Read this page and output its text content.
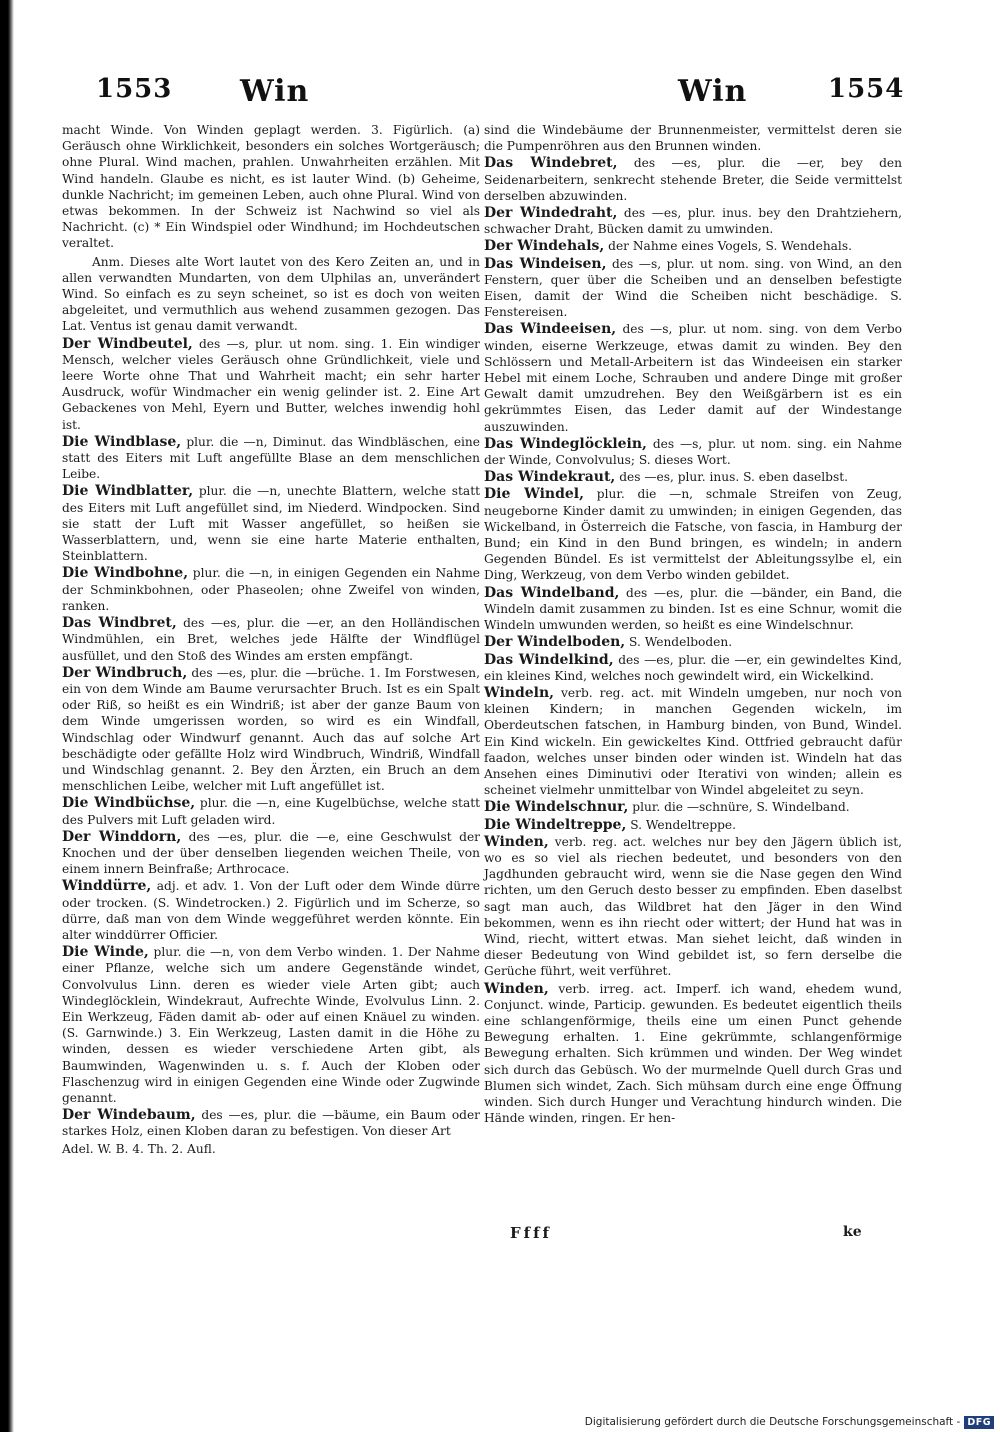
1553 Win	Win	1554
macht Winde. Von Winden geplagt werden. 3. Figürlich. (a) Geräusch ohne Wirklichkeit, besonders ein solches Wortgeräusch; ohne Plural. Wind machen, prahlen. Unwahrheiten erzählen. Mit Wind handeln. Glaube es nicht, es ist lauter Wind. (b) Geheime, dunkle Nachricht; im gemeinen Leben, auch ohne Plural. Wind von etwas bekommen. In der Schweiz ist Nachwind so viel als Nachricht. (c) * Ein Windspiel oder Windhund; im Hochdeutschen veraltet.
Anm. Dieses alte Wort lautet von des Kero Zeiten an, und in allen verwandten Mundarten, von dem Ulphilas an, unverändert Wind. So einfach es zu seyn scheinet, so ist es doch von weiten abgeleitet, und vermuthlich aus wehend zusammen gezogen. Das Lat. Ventus ist genau damit verwandt.
Der Windbeutel, des —s, plur. ut nom. sing. 1. Ein windiger Mensch, welcher vieles Geräusch ohne Gründlichkeit, viele und leere Worte ohne That und Wahrheit macht; ein sehr harter Ausdruck, wofür Windmacher ein wenig gelinder ist. 2. Eine Art Gebackenes von Mehl, Eyern und Butter, welches inwendig hohl ist.
Die Windblase, plur. die —n, Diminut. das Windbläschen, eine statt des Eiters mit Luft angefüllte Blase an dem menschlichen Leibe.
Die Windblatter, plur. die —n, unechte Blattern, welche statt des Eiters mit Luft angefüllet sind, im Niederd. Windpocken. Sind sie statt der Luft mit Wasser angefüllet, so heißen sie Wasserblattern, und, wenn sie eine harte Materie enthalten, Steinblattern.
Die Windbohne, plur. die —n, in einigen Gegenden ein Nahme der Schminkbohnen, oder Phaseolen; ohne Zweifel von winden, ranken.
Das Windbret, des —es, plur. die —er, an den Holländischen Windmühlen, ein Bret, welches jede Hälfte der Windflügel ausfüllet, und den Stoß des Windes am ersten empfängt.
Der Windbruch, des —es, plur. die —brüche. 1. Im Forstwesen, ein von dem Winde am Baume verursachter Bruch. Ist es ein Spalt oder Riß, so heißt es ein Windriß; ist aber der ganze Baum von dem Winde umgerissen worden, so wird es ein Windfall, Windschlag oder Windwurf genannt. Auch das auf solche Art beschädigte oder gefällte Holz wird Windbruch, Windriß, Windfall und Windschlag genannt. 2. Bey den Ärzten, ein Bruch an dem menschlichen Leibe, welcher mit Luft angefüllet ist.
Die Windbüchse, plur. die —n, eine Kugelbüchse, welche statt des Pulvers mit Luft geladen wird.
Der Winddorn, des —es, plur. die —e, eine Geschwulst der Knochen und der über denselben liegenden weichen Theile, von einem innern Beinfraße; Arthrocace.
Winddürre, adj. et adv. 1. Von der Luft oder dem Winde dürre oder trocken. (S. Windetrocken.) 2. Figürlich und im Scherze, so dürre, daß man von dem Winde weggeführet werden könnte. Ein alter winddürrer Officier.
Die Winde, plur. die —n, von dem Verbo winden. 1. Der Nahme einer Pflanze, welche sich um andere Gegenstände windet, Convolvulus Linn. deren es wieder viele Arten gibt; auch Windeglöcklein, Windekraut, Aufrechte Winde, Evolvulus Linn. 2. Ein Werkzeug, Fäden damit ab- oder auf einen Knäuel zu winden. (S. Garnwinde.) 3. Ein Werkzeug, Lasten damit in die Höhe zu winden, dessen es wieder verschiedene Arten gibt, als Baumwinden, Wagenwinden u. s. f. Auch der Kloben oder Flaschenzug wird in einigen Gegenden eine Winde oder Zugwinde genannt.
Der Windebaum, des —es, plur. die —bäume, ein Baum oder starkes Holz, einen Kloben daran zu befestigen. Von dieser Art
Adel. W. B. 4. Th. 2. Aufl.
sind die Windebäume der Brunnenmeister, vermittelst deren sie die Pumpenröhren aus den Brunnen winden.
Das Windebret, des —es, plur. die —er, bey den Seidenarbeitern, senkrecht stehende Breter, die Seide vermittelst derselben abzuwinden.
Der Windedraht, des —es, plur. inus. bey den Drahtziehern, schwacher Draht, Bücken damit zu umwinden.
Der Windehals, der Nahme eines Vogels, S. Wendehals.
Das Windeisen, des —s, plur. ut nom. sing. von Wind, an den Fenstern, quer über die Scheiben und an denselben befestigte Eisen, damit der Wind die Scheiben nicht beschädige. S. Fenstereisen.
Das Windeeisen, des —s, plur. ut nom. sing. von dem Verbo winden, eiserne Werkzeuge, etwas damit zu winden. Bey den Schlössern und Metall-Arbeitern ist das Windeeisen ein starker Hebel mit einem Loche, Schrauben und andere Dinge mit großer Gewalt damit umzudrehen. Bey den Weißgärbern ist es ein gekrümmtes Eisen, das Leder damit auf der Windestange auszuwinden.
Das Windeglöcklein, des —s, plur. ut nom. sing. ein Nahme der Winde, Convolvulus; S. dieses Wort.
Das Windekraut, des —es, plur. inus. S. eben daselbst.
Die Windel, plur. die —n, schmale Streifen von Zeug, neugeborne Kinder damit zu umwinden; in einigen Gegenden, das Wickelband, in Österreich die Fatsche, von fascia, in Hamburg der Bund; ein Kind in den Bund bringen, es windeln; in andern Gegenden Bündel. Es ist vermittelst der Ableitungssylbe el, ein Ding, Werkzeug, von dem Verbo winden gebildet.
Das Windelband, des —es, plur. die —bänder, ein Band, die Windeln damit zusammen zu binden. Ist es eine Schnur, womit die Windeln umwunden werden, so heißt es eine Windelschnur.
Der Windelboden, S. Wendelboden.
Das Windelkind, des —es, plur. die —er, ein gewindeltes Kind, ein kleines Kind, welches noch gewindelt wird, ein Wickelkind.
Windeln, verb. reg. act. mit Windeln umgeben, nur noch von kleinen Kindern; in manchen Gegenden wickeln, im Oberdeutschen fatschen, in Hamburg binden, von Bund, Windel. Ein Kind wickeln. Ein gewickeltes Kind. Ottfried gebraucht dafür faadon, welches unser binden oder winden ist. Windeln hat das Ansehen eines Diminutivi oder Iterativi von winden; allein es scheinet vielmehr unmittelbar von Windel abgeleitet zu seyn.
Die Windelschnur, plur. die —schnüre, S. Windelband.
Die Windeltreppe, S. Wendeltreppe.
Winden, verb. reg. act. welches nur bey den Jägern üblich ist, wo es so viel als riechen bedeutet, und besonders von den Jagdhunden gebraucht wird, wenn sie die Nase gegen den Wind richten, um den Geruch desto besser zu empfinden. Eben daselbst sagt man auch, das Wildbret hat den Jäger in den Wind bekommen, wenn es ihn riecht oder wittert; der Hund hat was in Wind, riecht, wittert etwas. Man siehet leicht, daß winden in dieser Bedeutung von Wind gebildet ist, so fern derselbe die Gerüche führt, weit verführet.
Winden, verb. irreg. act. Imperf. ich wand, ehedem wund, Conjunct. winde, Particip. gewunden. Es bedeutet eigentlich theils eine schlangenförmige, theils eine um einen Punct gehende Bewegung erhalten. 1. Eine gekrümmte, schlangenförmige Bewegung erhalten. Sich krümmen und winden. Der Weg windet sich durch das Gebüsch. Wo der murmelnde Quell durch Gras und Blumen sich windet, Zach. Sich mühsam durch eine enge Öffnung winden. Sich durch Hunger und Verachtung hindurch winden. Die Hände winden, ringen. Er hen-
Ffff	ke
Digitalisierung gefördert durch die Deutsche Forschungsgemeinschaft - DFG
